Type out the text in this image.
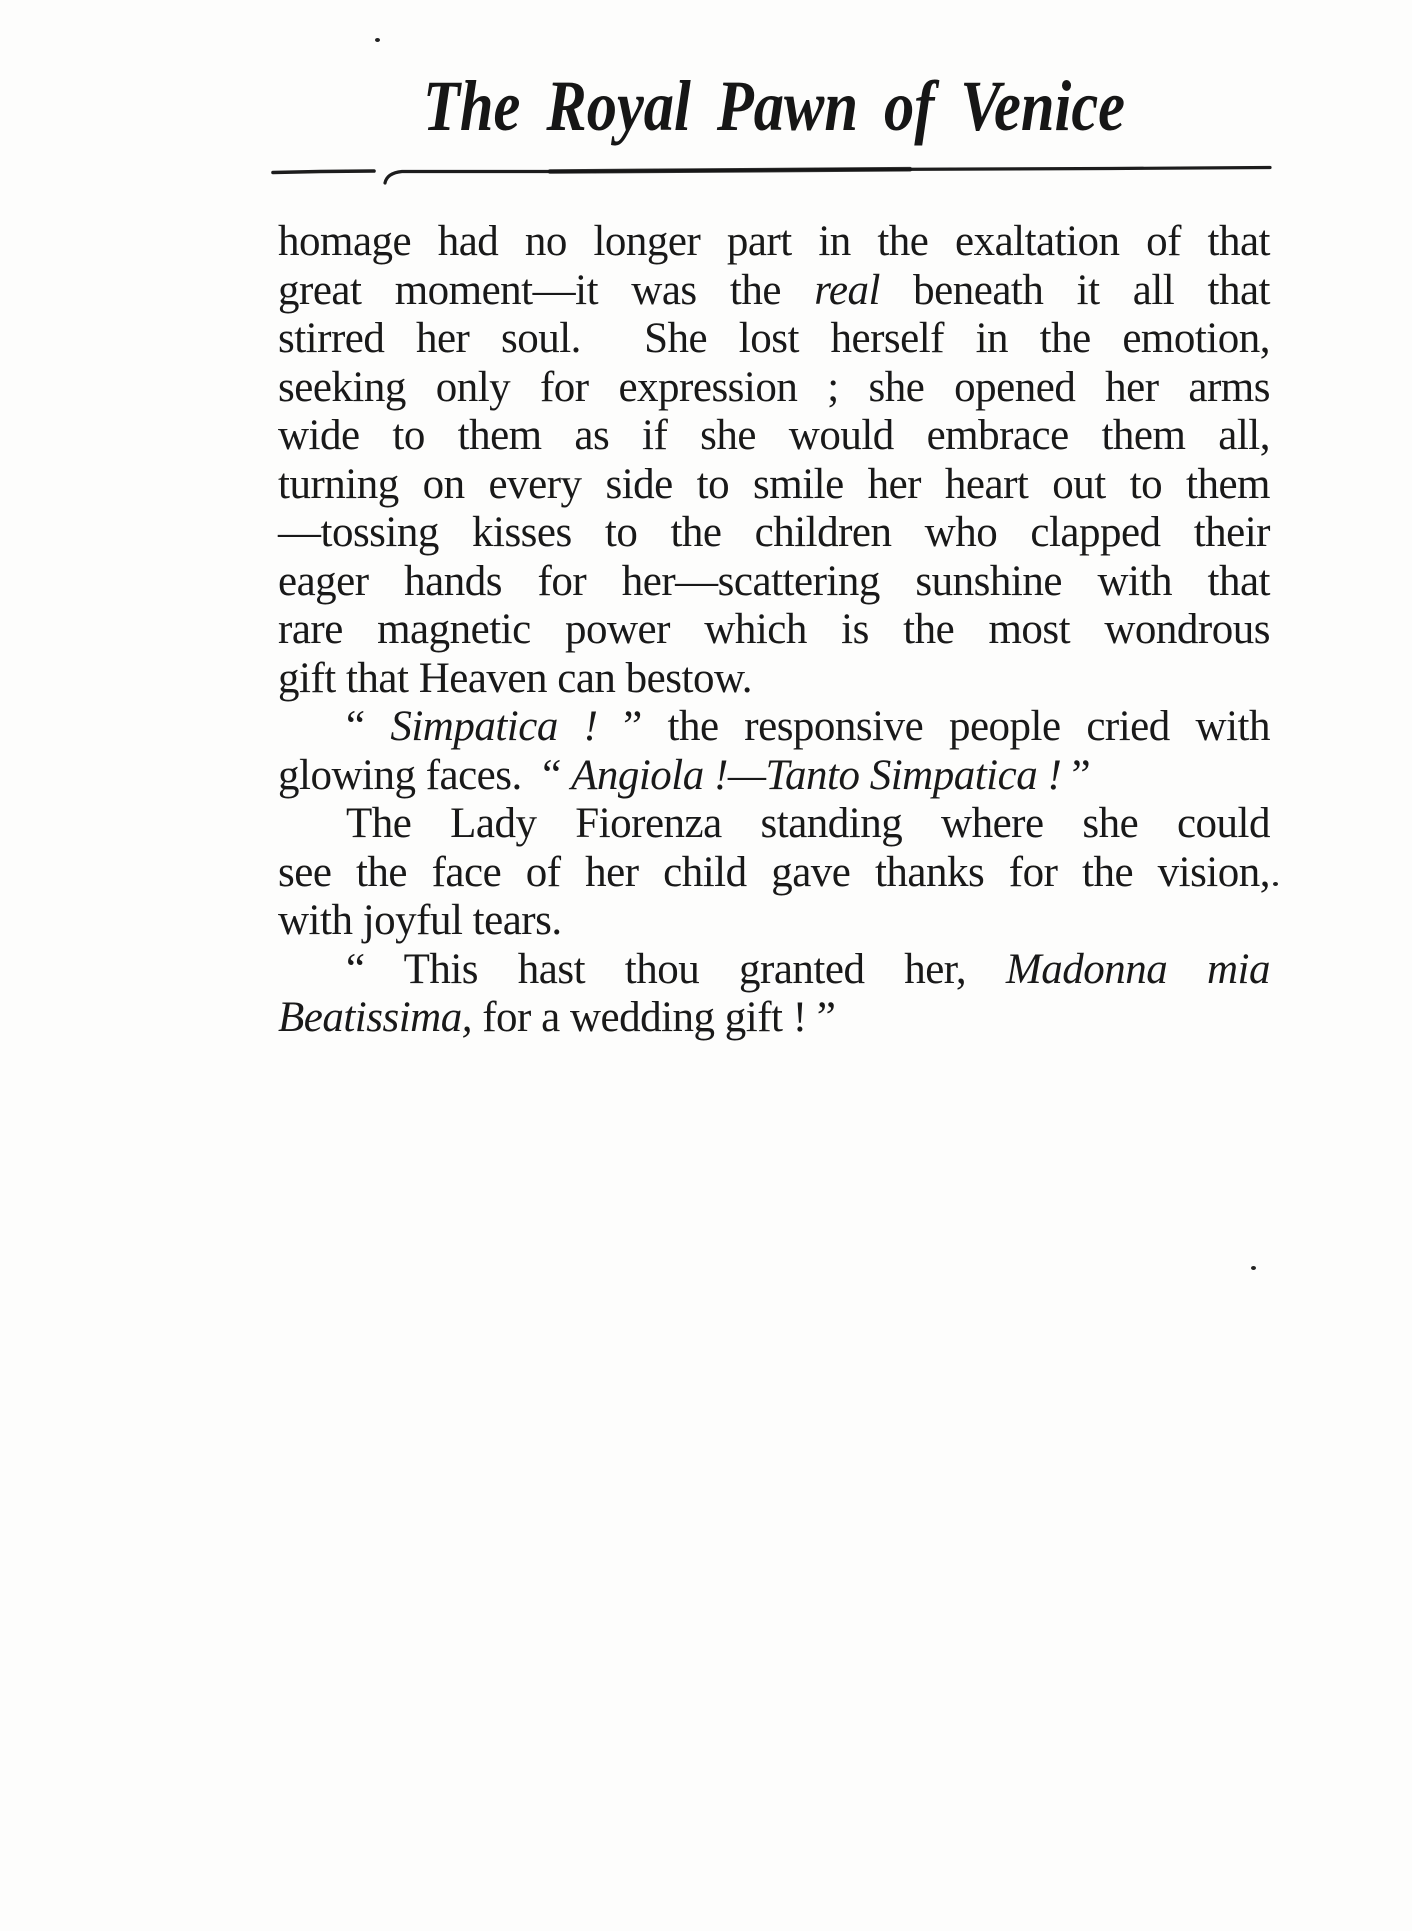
The Royal Pawn of Venice
homage had no longer part in the exaltation of that
great moment—it was the real beneath it all that
stirred her soul.  She lost herself in the emotion,
seeking only for expression ; she opened her arms
wide to them as if she would embrace them all,
turning on every side to smile her heart out to them
—tossing kisses to the children who clapped their
eager hands for her—scattering sunshine with that
rare magnetic power which is the most wondrous
gift that Heaven can bestow.
“ Simpatica ! ” the responsive people cried with
glowing faces.  “ Angiola !—Tanto Simpatica ! ”
The Lady Fiorenza standing where she could
see the face of her child gave thanks for the vision,
with joyful tears.
“ This hast thou granted her, Madonna mia
Beatissima, for a wedding gift ! ”
